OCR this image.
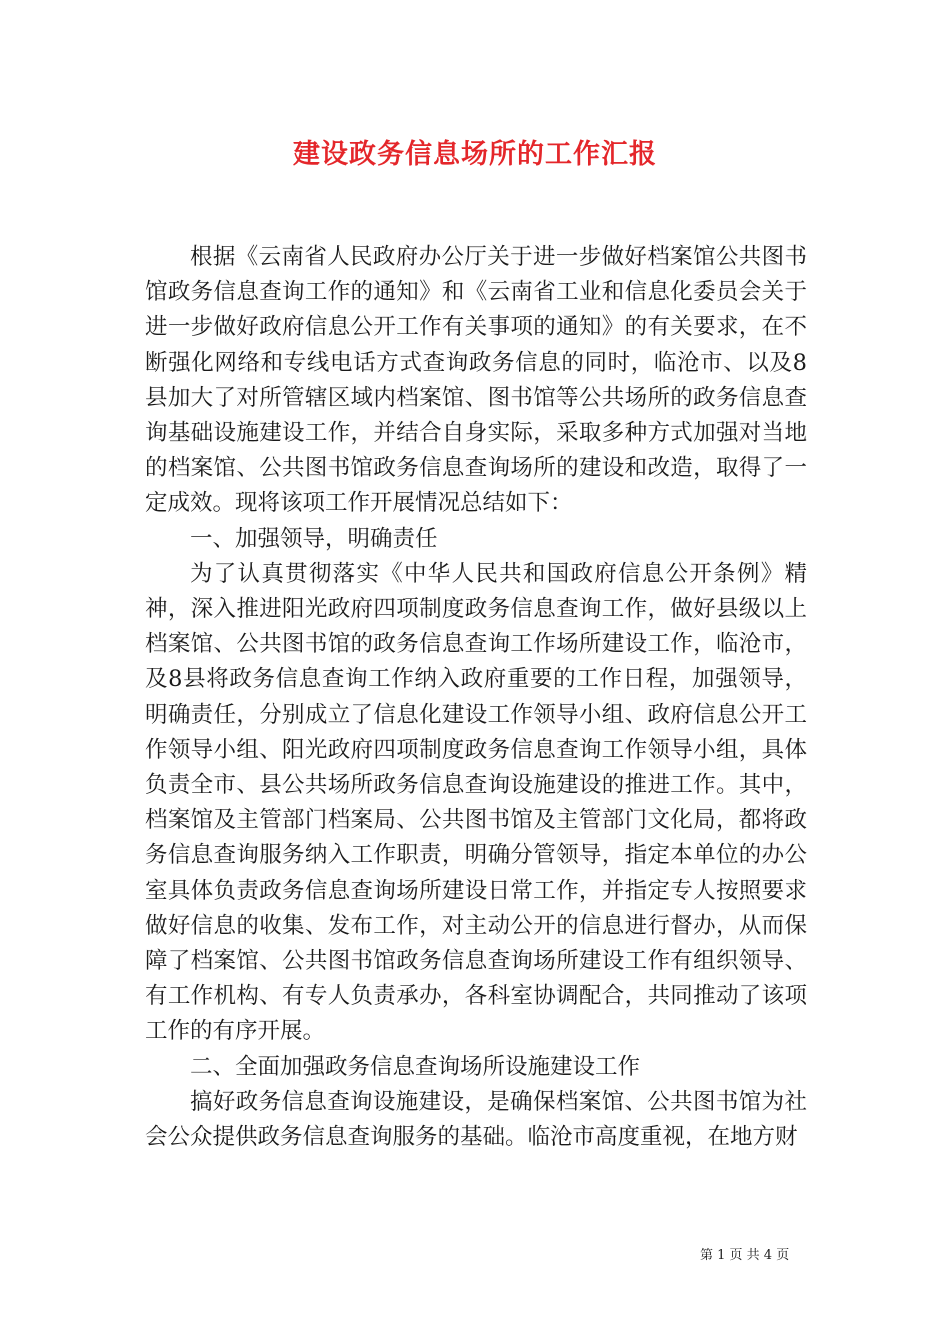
建设政务信息场所的工作汇报

根据《云南省人民政府办公厅关于进一步做好档案馆公共图书馆政务信息查询工作的通知》和《云南省工业和信息化委员会关于进一步做好政府信息公开工作有关事项的通知》的有关要求，在不断强化网络和专线电话方式查询政务信息的同时，临沧市、以及8县加大了对所管辖区域内档案馆、图书馆等公共场所的政务信息查询基础设施建设工作，并结合自身实际，采取多种方式加强对当地的档案馆、公共图书馆政务信息查询场所的建设和改造，取得了一定成效。现将该项工作开展情况总结如下：

一、加强领导，明确责任

为了认真贯彻落实《中华人民共和国政府信息公开条例》精神，深入推进阳光政府四项制度政务信息查询工作，做好县级以上档案馆、公共图书馆的政务信息查询工作场所建设工作，临沧市，及8县将政务信息查询工作纳入政府重要的工作日程，加强领导，明确责任，分别成立了信息化建设工作领导小组、政府信息公开工作领导小组、阳光政府四项制度政务信息查询工作领导小组，具体负责全市、县公共场所政务信息查询设施建设的推进工作。其中，档案馆及主管部门档案局、公共图书馆及主管部门文化局，都将政务信息查询服务纳入工作职责，明确分管领导，指定本单位的办公室具体负责政务信息查询场所建设日常工作，并指定专人按照要求做好信息的收集、发布工作，对主动公开的信息进行督办，从而保障了档案馆、公共图书馆政务信息查询场所建设工作有组织领导、有工作机构、有专人负责承办，各科室协调配合，共同推动了该项工作的有序开展。

二、全面加强政务信息查询场所设施建设工作

搞好政务信息查询设施建设，是确保档案馆、公共图书馆为社会公众提供政务信息查询服务的基础。临沧市高度重视，在地方财

第 1 页 共 4 页
